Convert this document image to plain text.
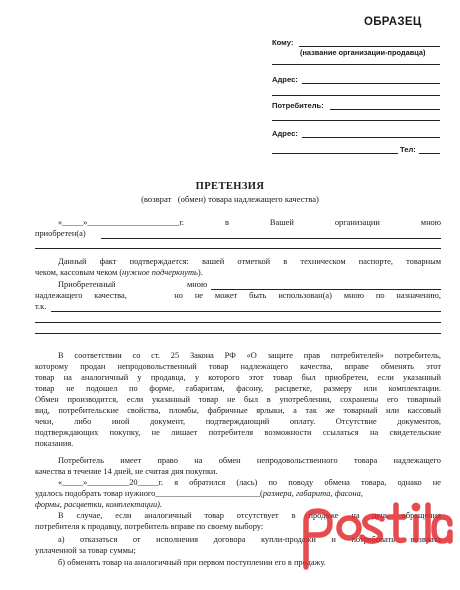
ОБРАЗЕЦ
Кому:
(название организации-продавца)
Адрес:
Потребитель:
Адрес:
Тел:
ПРЕТЕНЗИЯ
(возврат   (обмен) товара надлежащего качества)
«_____»______________________г.    в    Вашей    организации    мною
приобретен(а)
Данный факт подтверждается: вашей отметкой в техническом паспорте, товарным
чеком, кассовым чеком (нужное подчеркнуть).
Приобретенный	мною
надлежащего качества,    но не может быть использован(а) мною по назначению,
т.к.
В соответствии со ст. 25 Закона РФ «О защите прав потребителей» потребитель,
которому продан непродовольственный товар надлежащего качества, вправе обменять этот
товар на аналогичный у продавца, у которого этот товар был приобретен, если указанный
товар не подошел по форме, габаритам, фасону, расцветке, размеру или комплектации.
Обмен производится, если указанный товар не был в употреблении, сохранены его товарный
вид, потребительские свойства, пломбы, фабричные ярлыки, а так же товарный или кассовый
чеки,  либо  иной  документ,  подтверждающий  оплату.  Отсутствие  документов,
подтверждающих покупку, не лишает потребителя возможности ссылаться на свидетельские
показания.
Потребитель имеет право на обмен непродовольственного товара надлежащего
качества в течение 14 дней, не считая дня покупки.
«_____»__________20_____г. я обратился (лась) по поводу обмена товара, однако не
удалось подобрать товар нужного_________________________(размера, габарита, фасона,
формы, расцветки, комплектации).
В случае, если аналогичный товар отсутствует в продаже на день обращения
потребителя к продавцу, потребитель вправе по своему выбору:
а) отказаться от исполнения договора купли-продажи и потребовать возврата
уплаченной за товар суммы;
б) обменять товар на аналогичный при первом поступлении его в продажу.
